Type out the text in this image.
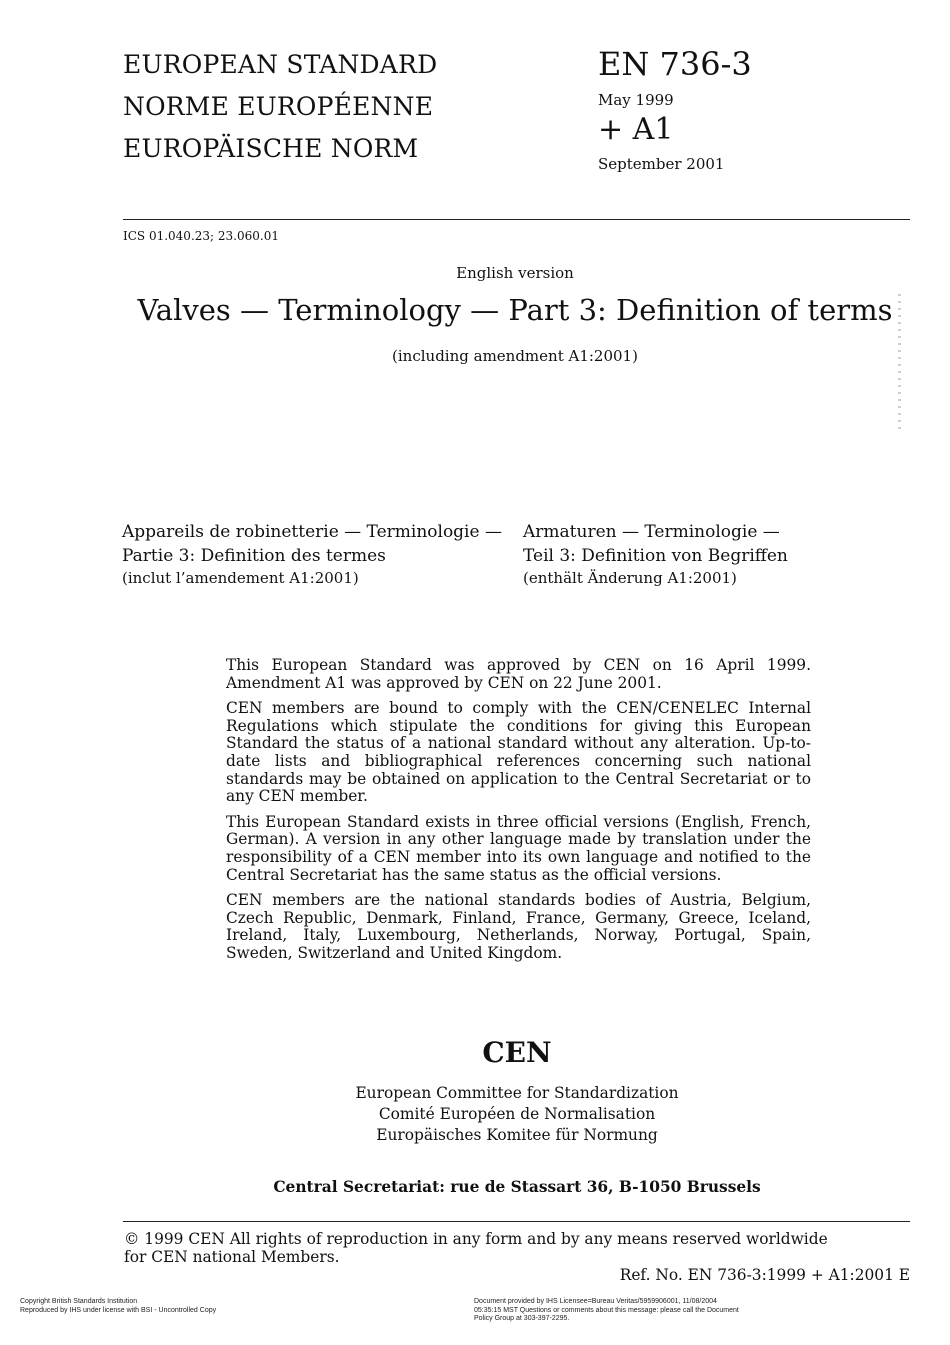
EUROPEAN STANDARD
NORME EUROPÉENNE
EUROPÄISCHE NORM
EN 736-3
May 1999
+ A1
September 2001
ICS 01.040.23; 23.060.01
English version
Valves — Terminology — Part 3: Definition of terms
(including amendment A1:2001)
Appareils de robinetterie — Terminologie —
Partie 3: Definition des termes
(inclut l’amendement A1:2001)
Armaturen — Terminologie —
Teil 3: Definition von Begriffen
(enthält Änderung A1:2001)

This European Standard was approved by CEN on 16 April 1999. Amendment A1 was approved by CEN on 22 June 2001.

CEN members are bound to comply with the CEN/CENELEC Internal Regulations which stipulate the conditions for giving this European Standard the status of a national standard without any alteration. Up-to-date lists and bibliographical references concerning such national standards may be obtained on application to the Central Secretariat or to any CEN member.

This European Standard exists in three official versions (English, French, German). A version in any other language made by translation under the responsibility of a CEN member into its own language and notified to the Central Secretariat has the same status as the official versions.

CEN members are the national standards bodies of Austria, Belgium, Czech Republic, Denmark, Finland, France, Germany, Greece, Iceland, Ireland, Italy, Luxembourg, Netherlands, Norway, Portugal, Spain, Sweden, Switzerland and United Kingdom.

CEN
European Committee for Standardization
Comité Européen de Normalisation
Europäisches Komitee für Normung
Central Secretariat: rue de Stassart 36, B-1050 Brussels
© 1999 CEN All rights of reproduction in any form and by any means reserved worldwide for CEN national Members.
Ref. No. EN 736-3:1999 + A1:2001 E
Copyright British Standards Institution
Reproduced by IHS under license with BSI - Uncontrolled Copy
Document provided by IHS Licensee=Bureau Veritas/5959906001, 11/08/2004
05:35:15 MST Questions or comments about this message: please call the Document
Policy Group at 303-397-2295.
